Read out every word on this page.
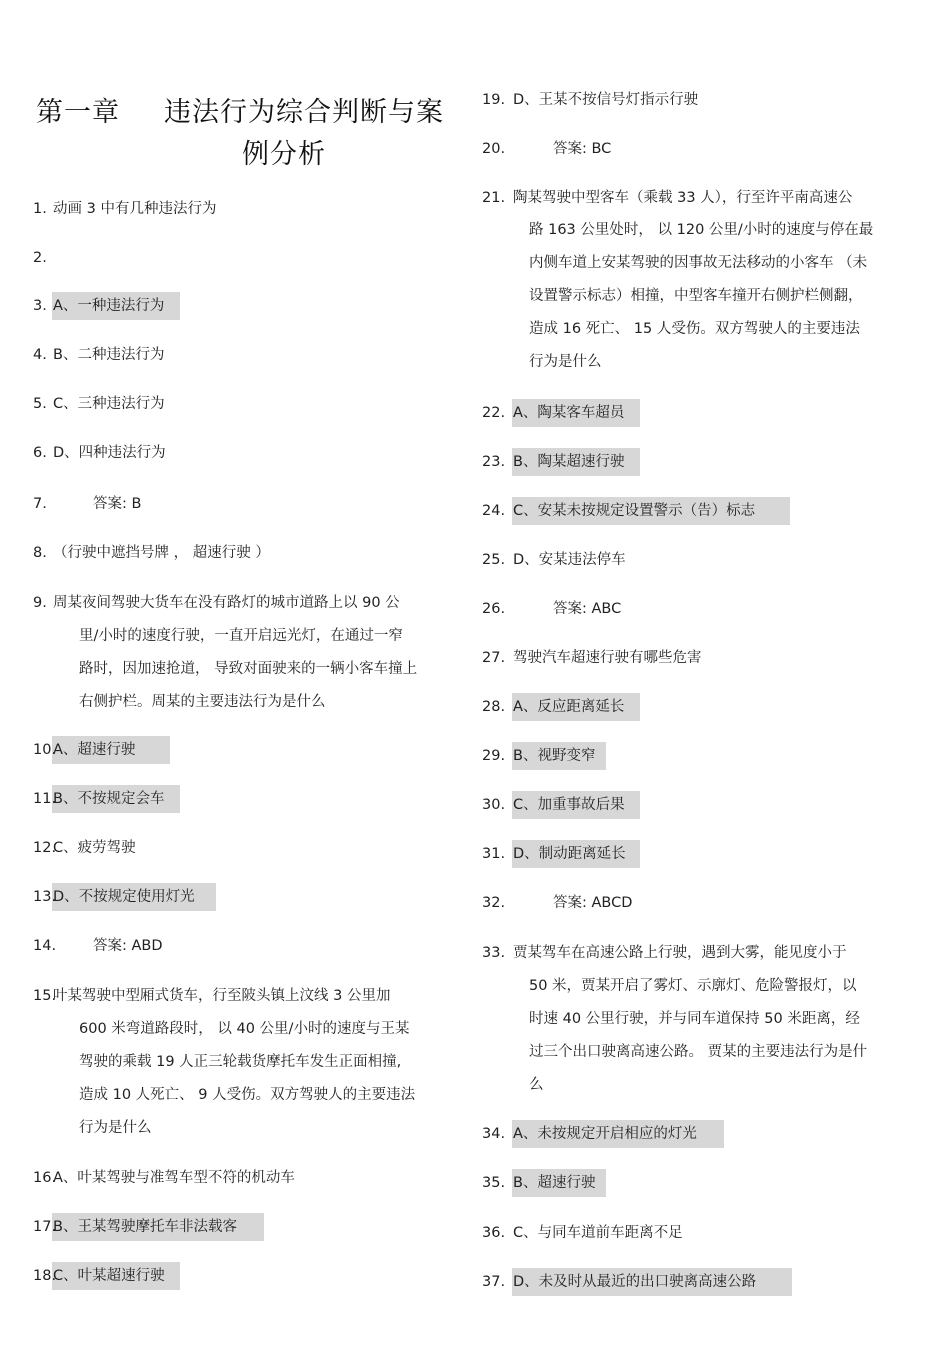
第一章	违法行为综合判断与案
例分析
1. 动画 3 中有几种违法行为
2.
3. A、一种违法行为
4. B、二种违法行为
5. C、三种违法行为
6. D、四种违法行为
7.	答案: B
8. （行驶中遮挡号牌 ， 超速行驶 ）
9. 周某夜间驾驶大货车在没有路灯的城市道路上以 90 公
里/小时的速度行驶，一直开启远光灯，在通过一窄
路时，因加速抢道， 导致对面驶来的一辆小客车撞上
右侧护栏。周某的主要违法行为是什么
10.
A、超速行驶
11.
B、不按规定会车
12.
C、疲劳驾驶
13.
D、不按规定使用灯光
14.	答案: ABD
15.
叶某驾驶中型厢式货车，行至陂头镇上汶线 3 公里加
600 米弯道路段时， 以 40 公里/小时的速度与王某
驾驶的乘载 19 人正三轮载货摩托车发生正面相撞,
造成 10 人死亡、 9 人受伤。双方驾驶人的主要违法
行为是什么
16.
A、叶某驾驶与准驾车型不符的机动车
17.
B、王某驾驶摩托车非法载客
18.
C、叶某超速行驶
19. D、王某不按信号灯指示行驶
20.	答案: BC
21. 陶某驾驶中型客车（乘载 33 人），行至许平南高速公
路 163 公里处时， 以 120 公里/小时的速度与停在最
内侧车道上安某驾驶的因事故无法移动的小客车 （未
设置警示标志）相撞，中型客车撞开右侧护栏侧翻，
造成 16 死亡、 15 人受伤。双方驾驶人的主要违法
行为是什么
22. A、陶某客车超员
23. B、陶某超速行驶
24. C、安某未按规定设置警示（告）标志
25. D、安某违法停车
26.	答案: ABC
27. 驾驶汽车超速行驶有哪些危害
28. A、反应距离延长
29. B、视野变窄
30. C、加重事故后果
31. D、制动距离延长
32.	答案: ABCD
33. 贾某驾车在高速公路上行驶，遇到大雾，能见度小于
50 米，贾某开启了雾灯、示廓灯、危险警报灯，以
时速 40 公里行驶，并与同车道保持 50 米距离，经
过三个出口驶离高速公路。 贾某的主要违法行为是什
么
34. A、未按规定开启相应的灯光
35. B、超速行驶
36. C、与同车道前车距离不足
37. D、未及时从最近的出口驶离高速公路
